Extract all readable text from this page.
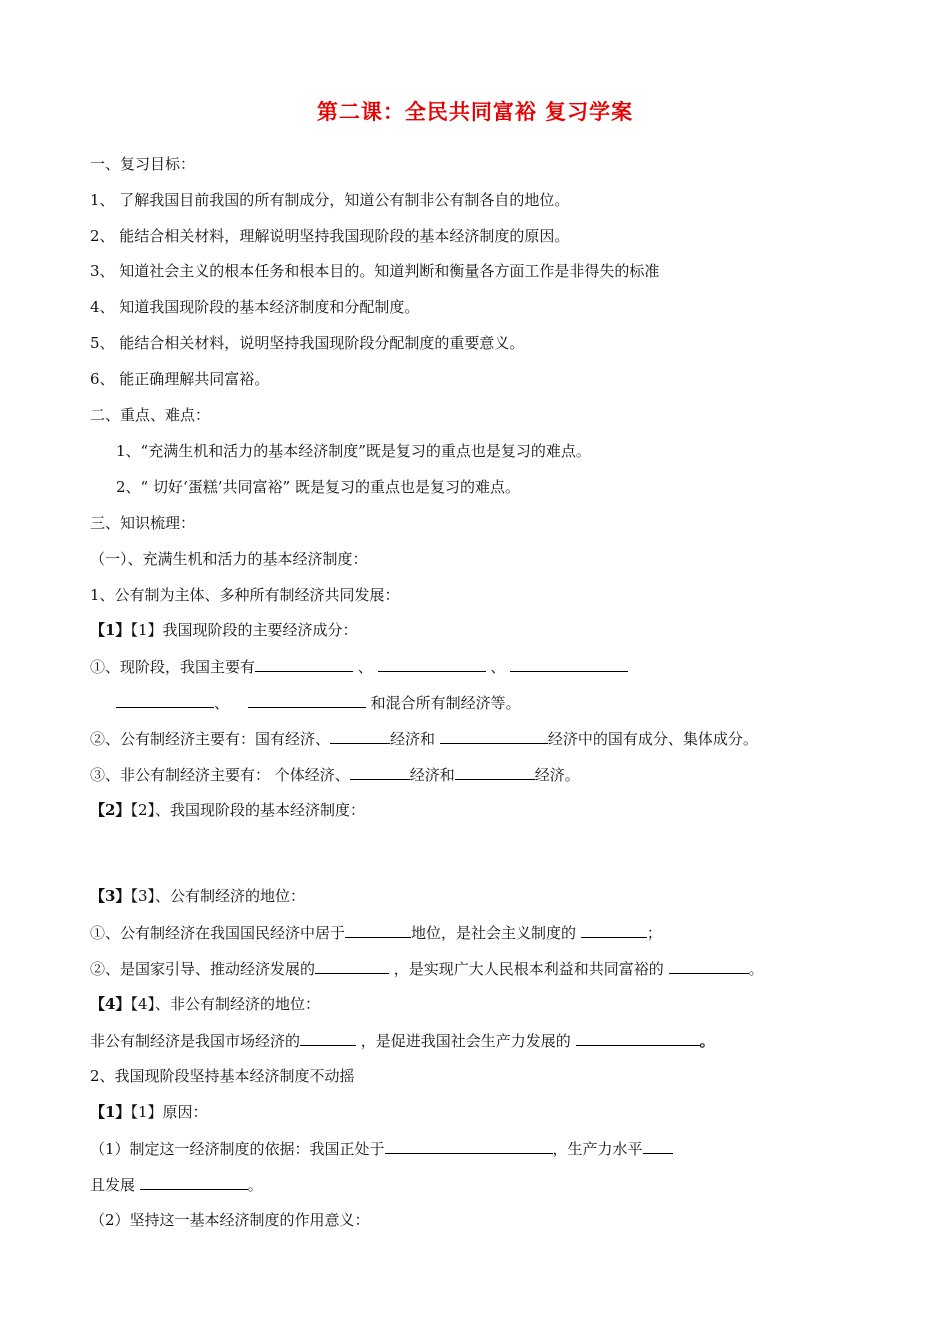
第二课：全民共同富裕 复习学案
一、复习目标：
1、 了解我国目前我国的所有制成分，知道公有制非公有制各自的地位。
2、 能结合相关材料，理解说明坚持我国现阶段的基本经济制度的原因。
3、 知道社会主义的根本任务和根本目的。知道判断和衡量各方面工作是非得失的标准
4、 知道我国现阶段的基本经济制度和分配制度。
5、 能结合相关材料，说明坚持我国现阶段分配制度的重要意义。
6、 能正确理解共同富裕。
二、重点、难点：
1、“充满生机和活力的基本经济制度”既是复习的重点也是复习的难点。
2、“ 切好‘蛋糕’共同富裕” 既是复习的重点也是复习的难点。
三、知识梳理：
（一）、充满生机和活力的基本经济制度：
1、公有制为主体、多种所有制经济共同发展：
【1】【1】我国现阶段的主要经济成分：
①、现阶段，我国主要有	、	、
、	和混合所有制经济等。
②、公有制经济主要有：国有经济、	经济和	经济中的国有成分、集体成分。
③、非公有制经济主要有： 个体经济、	经济和	经济。
【2】【2】、我国现阶段的基本经济制度：
【3】【3】、公有制经济的地位：
①、公有制经济在我国国民经济中居于	地位，是社会主义制度的	；
②、是国家引导、推动经济发展的	，是实现广大人民根本利益和共同富裕的	。
【4】【4】、非公有制经济的地位：
非公有制经济是我国市场经济的	，是促进我国社会生产力发展的	。
2、我国现阶段坚持基本经济制度不动摇
【1】【1】原因：
（1）制定这一经济制度的依据：我国正处于	，生产力水平
且发展	。
（2）坚持这一基本经济制度的作用意义：
